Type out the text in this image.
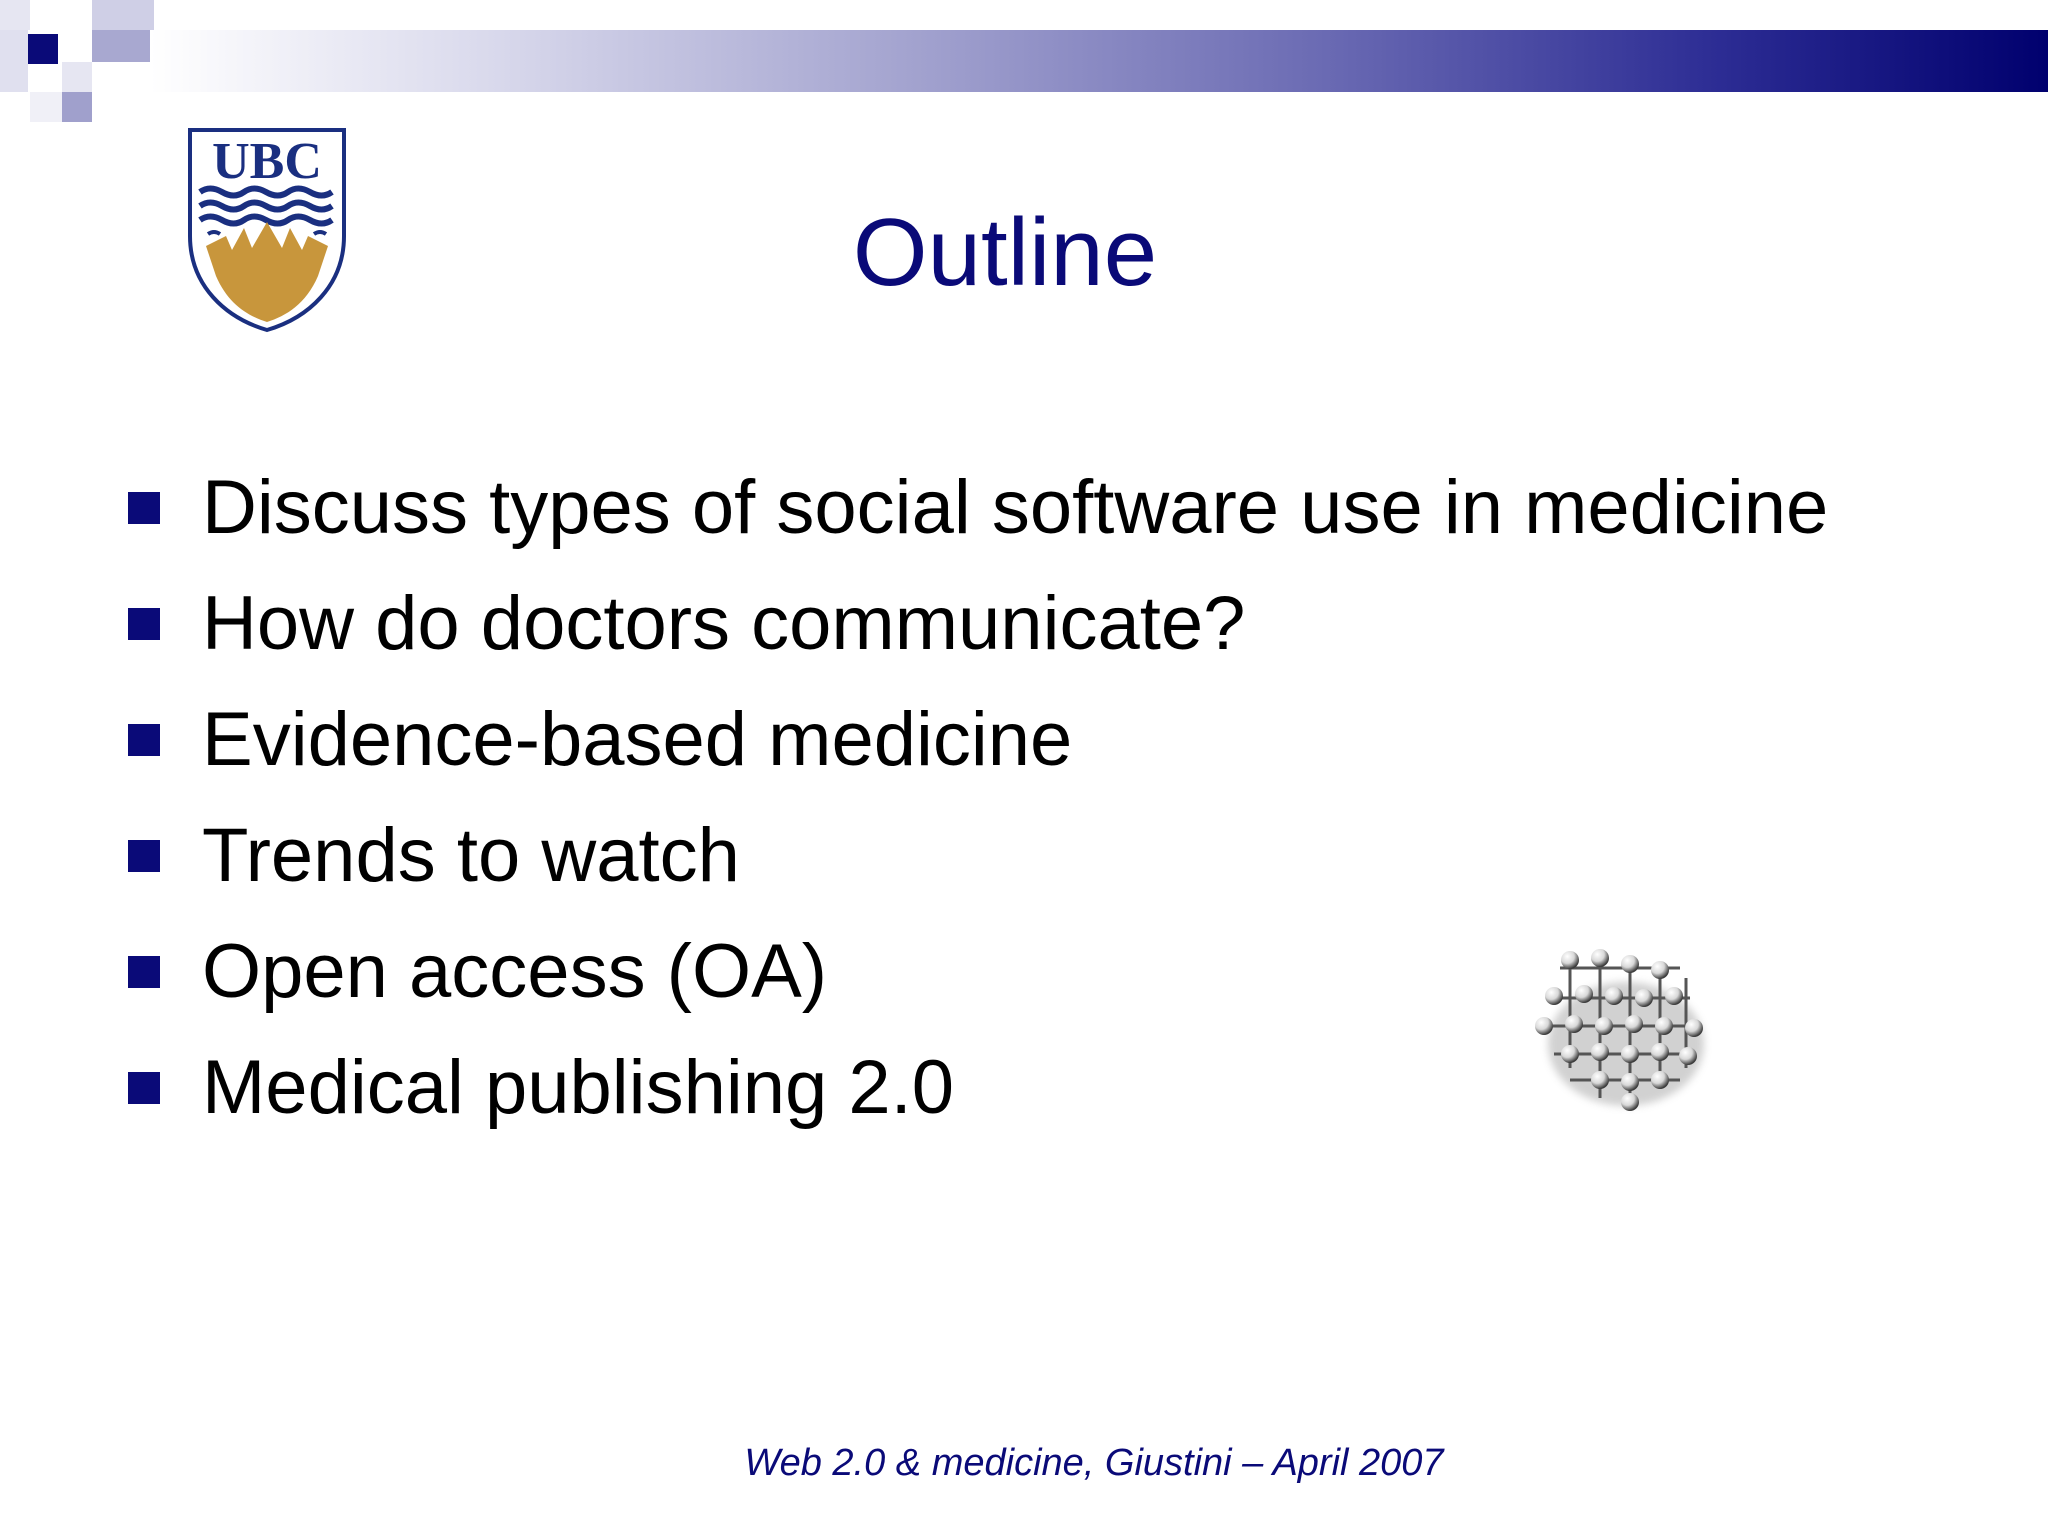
UBC
Outline
Discuss types of social software use in medicine
How do doctors communicate?
Evidence-based medicine
Trends to watch
Open access (OA)
Medical publishing 2.0
Web 2.0 & medicine, Giustini – April 2007
